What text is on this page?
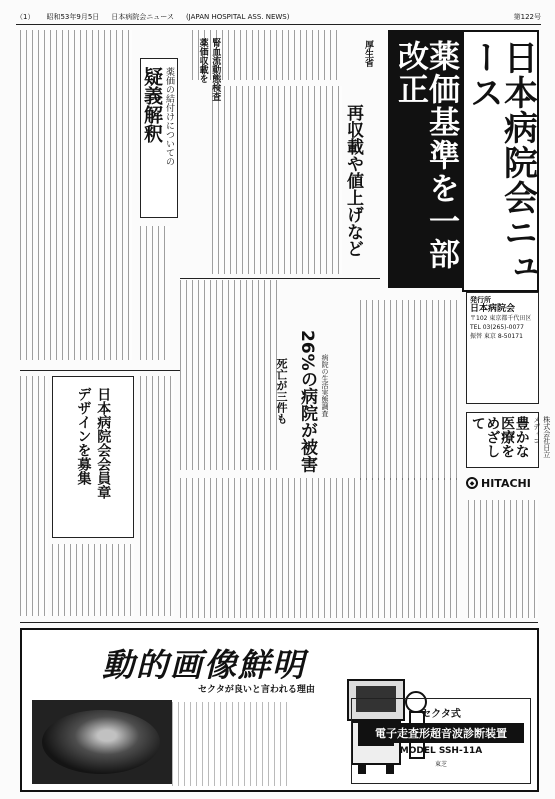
（1） 昭和53年9月5日 日本病院会ニュース (JAPAN HOSPITAL ASS. NEWS)	第122号
日本病院会ニュース
発行所
日本病院会
〒102 東京都千代田区
TEL 03(265)-0077
振替 東京 8-50171
豊かな医療をめざして	株式会社日立メディコ
◆ HITACHI
薬価基準を一部改正
厚生省
再収載や値上げなど
薬価の結付けについての
疑義解釈	腎血流動態検査
薬価収載を
26%の病院が被害
死亡が三件も	病院の生活実態調査
日本病院会会員章
デザインを募集
動的画像鮮明
セクタが良いと言われる理由
セクタ式
電子走査形超音波診断装置
MODEL SSH-11A
東芝
